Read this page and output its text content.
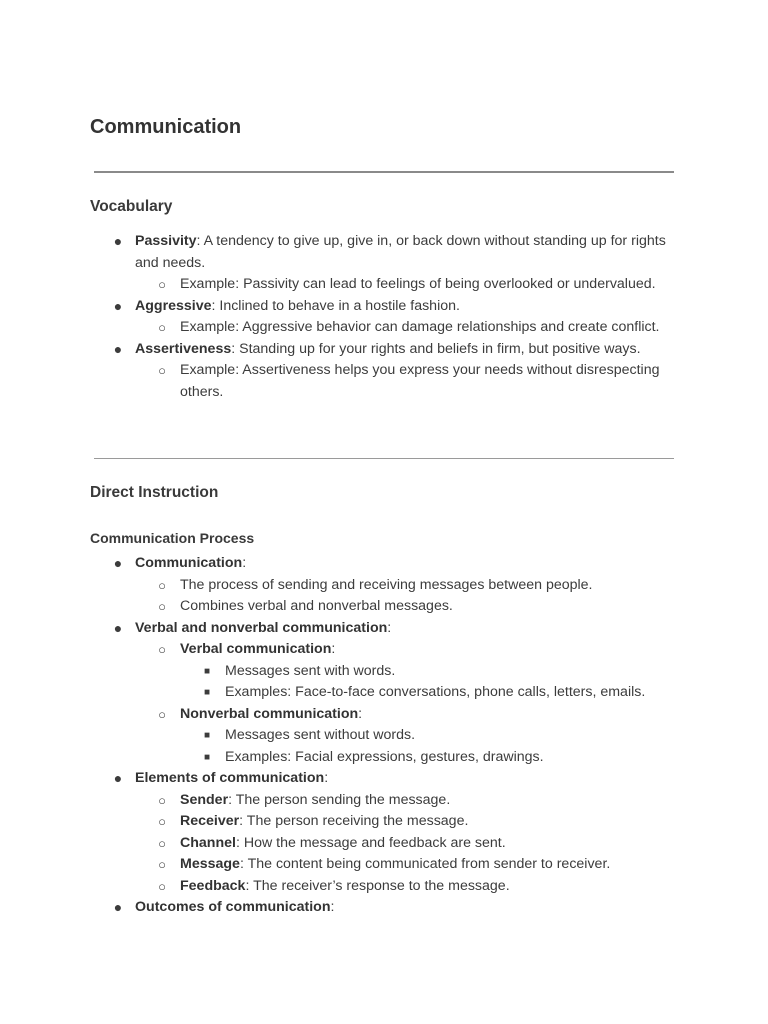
Communication
Vocabulary
● Passivity: A tendency to give up, give in, or back down without standing up for rights and needs.
○ Example: Passivity can lead to feelings of being overlooked or undervalued.
● Aggressive: Inclined to behave in a hostile fashion.
○ Example: Aggressive behavior can damage relationships and create conflict.
● Assertiveness: Standing up for your rights and beliefs in firm, but positive ways.
○ Example: Assertiveness helps you express your needs without disrespecting others.
Direct Instruction
Communication Process
● Communication:
○ The process of sending and receiving messages between people.
○ Combines verbal and nonverbal messages.
● Verbal and nonverbal communication:
○ Verbal communication:
■ Messages sent with words.
■ Examples: Face-to-face conversations, phone calls, letters, emails.
○ Nonverbal communication:
■ Messages sent without words.
■ Examples: Facial expressions, gestures, drawings.
● Elements of communication:
○ Sender: The person sending the message.
○ Receiver: The person receiving the message.
○ Channel: How the message and feedback are sent.
○ Message: The content being communicated from sender to receiver.
○ Feedback: The receiver’s response to the message.
● Outcomes of communication:
